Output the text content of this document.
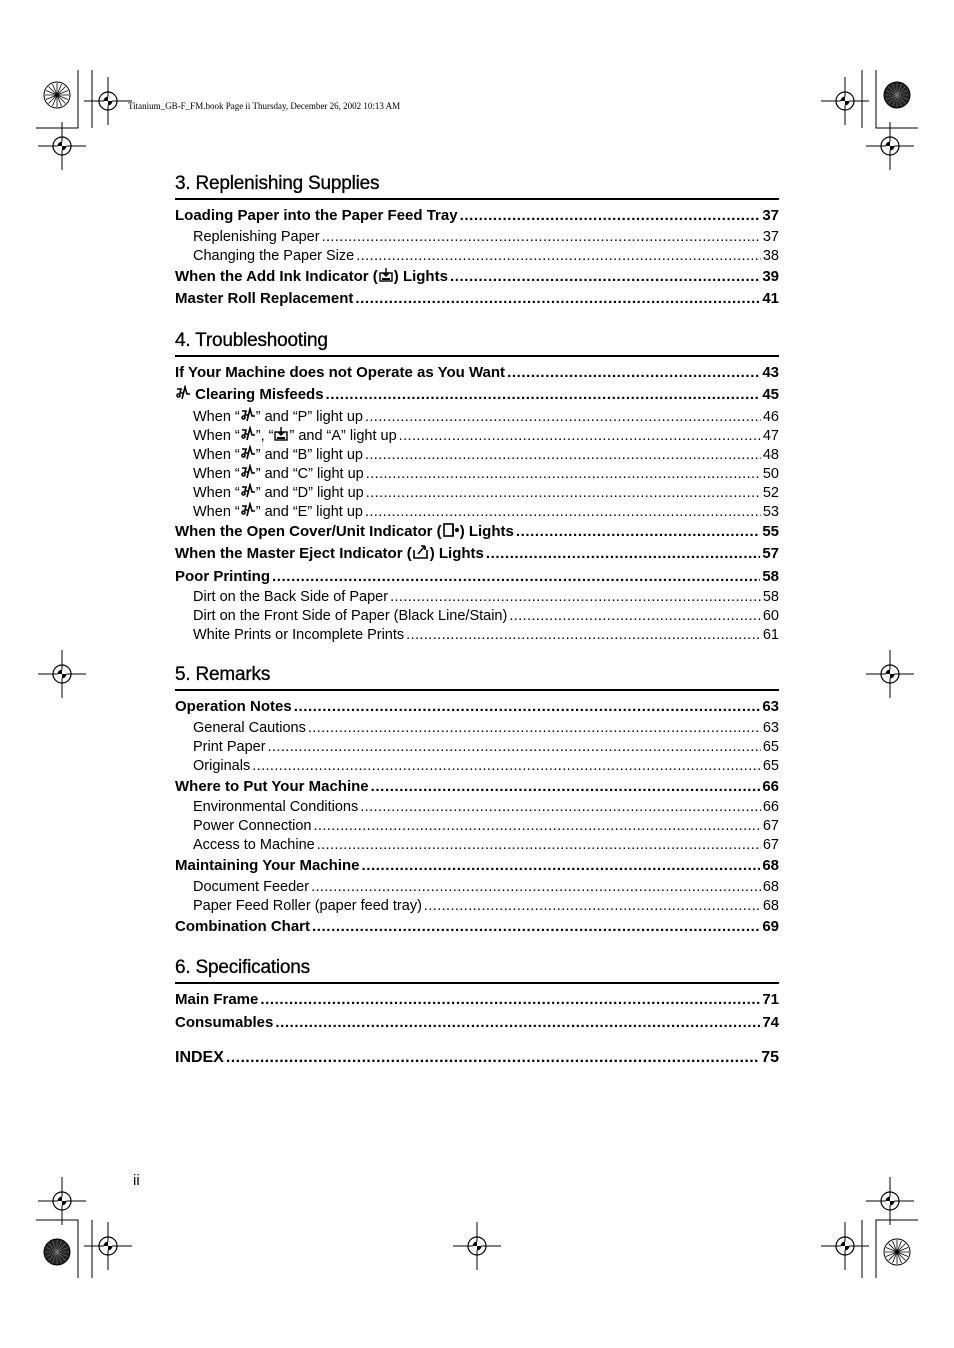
Titanium_GB-F_FM.book Page ii Thursday, December 26, 2002 10:13 AM
3. Replenishing Supplies
Loading Paper into the Paper Feed Tray .....	37
Replenishing Paper .....	37
Changing the Paper Size .....	38
When the Add Ink Indicator ( ) Lights .....	39
Master Roll Replacement .....	41
4. Troubleshooting
If Your Machine does not Operate as You Want .....	43
Clearing Misfeeds .....	45
When “ ” and “P” light up .....	46
When “ ”, “ ” and “A” light up .....	47
When “ ” and “B” light up .....	48
When “ ” and “C” light up .....	50
When “ ” and “D” light up .....	52
When “ ” and “E” light up .....	53
When the Open Cover/Unit Indicator ( ) Lights .....	55
When the Master Eject Indicator ( ) Lights .....	57
Poor Printing .....	58
Dirt on the Back Side of Paper .....	58
Dirt on the Front Side of Paper (Black Line/Stain) .....	60
White Prints or Incomplete Prints .....	61
5. Remarks
Operation Notes .....	63
General Cautions .....	63
Print Paper .....	65
Originals .....	65
Where to Put Your Machine .....	66
Environmental Conditions .....	66
Power Connection .....	67
Access to Machine .....	67
Maintaining Your Machine .....	68
Document Feeder .....	68
Paper Feed Roller (paper feed tray) .....	68
Combination Chart .....	69
6. Specifications
Main Frame .....	71
Consumables .....	74
INDEX .....	75
ii
